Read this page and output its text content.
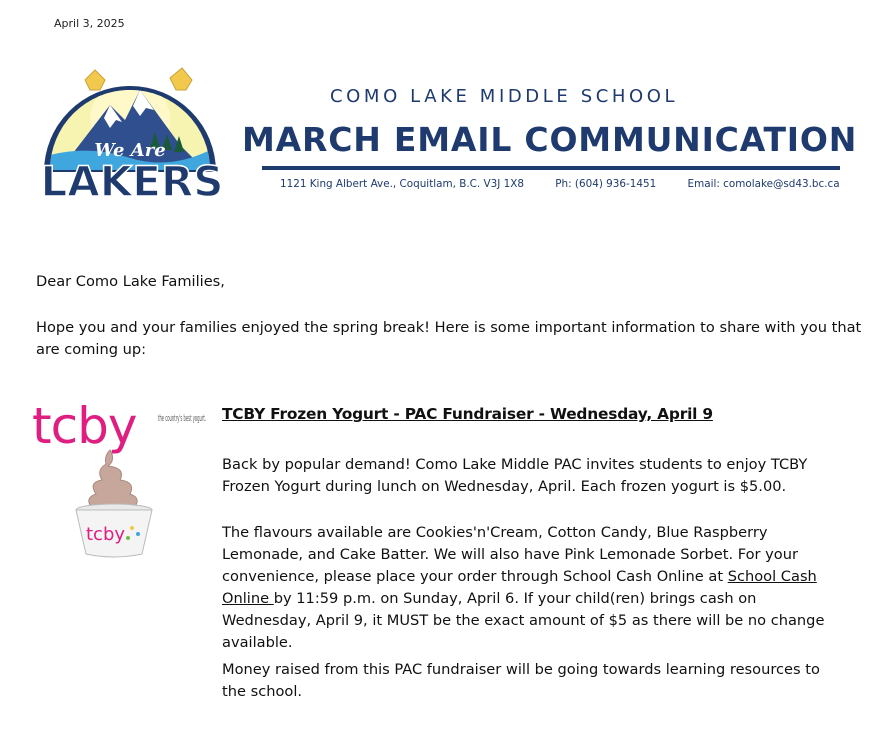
April 3, 2025
We Are
LAKERS
COMO LAKE MIDDLE SCHOOL
MARCH EMAIL COMMUNICATION
1121 King Albert Ave., Coquitlam, B.C. V3J 1X8	Ph: (604) 936-1451	Email: comolake@sd43.bc.ca
Dear Como Lake Families,
Hope you and your families enjoyed the spring break! Here is some important information to share with you that are coming up:
tcby the country's best yogurt.
tcby
TCBY Frozen Yogurt - PAC Fundraiser - Wednesday, April 9
Back by popular demand! Como Lake Middle PAC invites students to enjoy TCBY Frozen Yogurt during lunch on Wednesday, April. Each frozen yogurt is $5.00.
The flavours available are Cookies'n'Cream, Cotton Candy, Blue Raspberry Lemonade, and Cake Batter. We will also have Pink Lemonade Sorbet. For your convenience, please place your order through School Cash Online at School Cash Online by 11:59 p.m. on Sunday, April 6. If your child(ren) brings cash on Wednesday, April 9, it MUST be the exact amount of $5 as there will be no change available.
Money raised from this PAC fundraiser will be going towards learning resources to the school.
